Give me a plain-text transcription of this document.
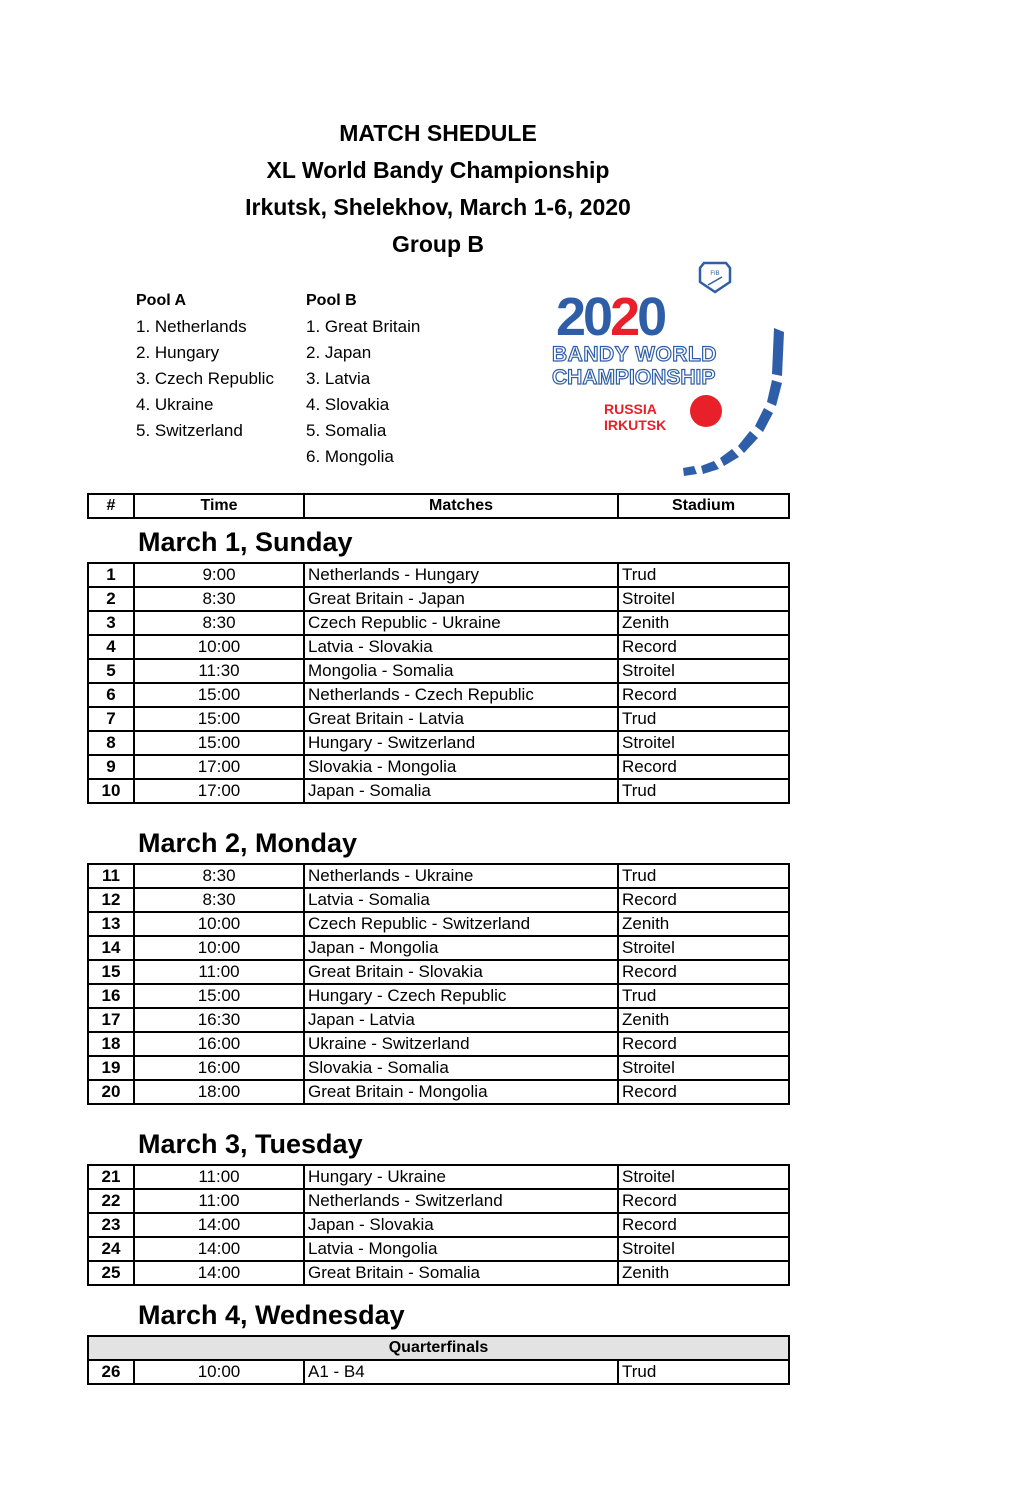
MATCH SHEDULE
XL World Bandy Championship
Irkutsk, Shelekhov, March 1-6, 2020
Group B
Pool A
1. Netherlands
2. Hungary
3. Czech Republic
4. Ukraine
5. Switzerland
Pool B
1. Great Britain
2. Japan
3. Latvia
4. Slovakia
5. Somalia
6. Mongolia
FIB
2020
BANDY WORLD
CHAMPIONSHIP
RUSSIA
IRKUTSK
#	Time	Matches	Stadium
March 1, Sunday
1	9:00	Netherlands - Hungary	Trud
2	8:30	Great Britain - Japan	Stroitel
3	8:30	Czech Republic - Ukraine	Zenith
4	10:00	Latvia - Slovakia	Record
5	11:30	Mongolia - Somalia	Stroitel
6	15:00	Netherlands - Czech Republic	Record
7	15:00	Great Britain - Latvia	Trud
8	15:00	Hungary - Switzerland	Stroitel
9	17:00	Slovakia - Mongolia	Record
10	17:00	Japan - Somalia	Trud
March 2, Monday
11	8:30	Netherlands - Ukraine	Trud
12	8:30	Latvia - Somalia	Record
13	10:00	Czech Republic - Switzerland	Zenith
14	10:00	Japan - Mongolia	Stroitel
15	11:00	Great Britain - Slovakia	Record
16	15:00	Hungary - Czech Republic	Trud
17	16:30	Japan - Latvia	Zenith
18	16:00	Ukraine - Switzerland	Record
19	16:00	Slovakia - Somalia	Stroitel
20	18:00	Great Britain - Mongolia	Record
March 3, Tuesday
21	11:00	Hungary - Ukraine	Stroitel
22	11:00	Netherlands - Switzerland	Record
23	14:00	Japan - Slovakia	Record
24	14:00	Latvia - Mongolia	Stroitel
25	14:00	Great Britain - Somalia	Zenith
March 4, Wednesday
Quarterfinals
26	10:00	A1 - B4	Trud
